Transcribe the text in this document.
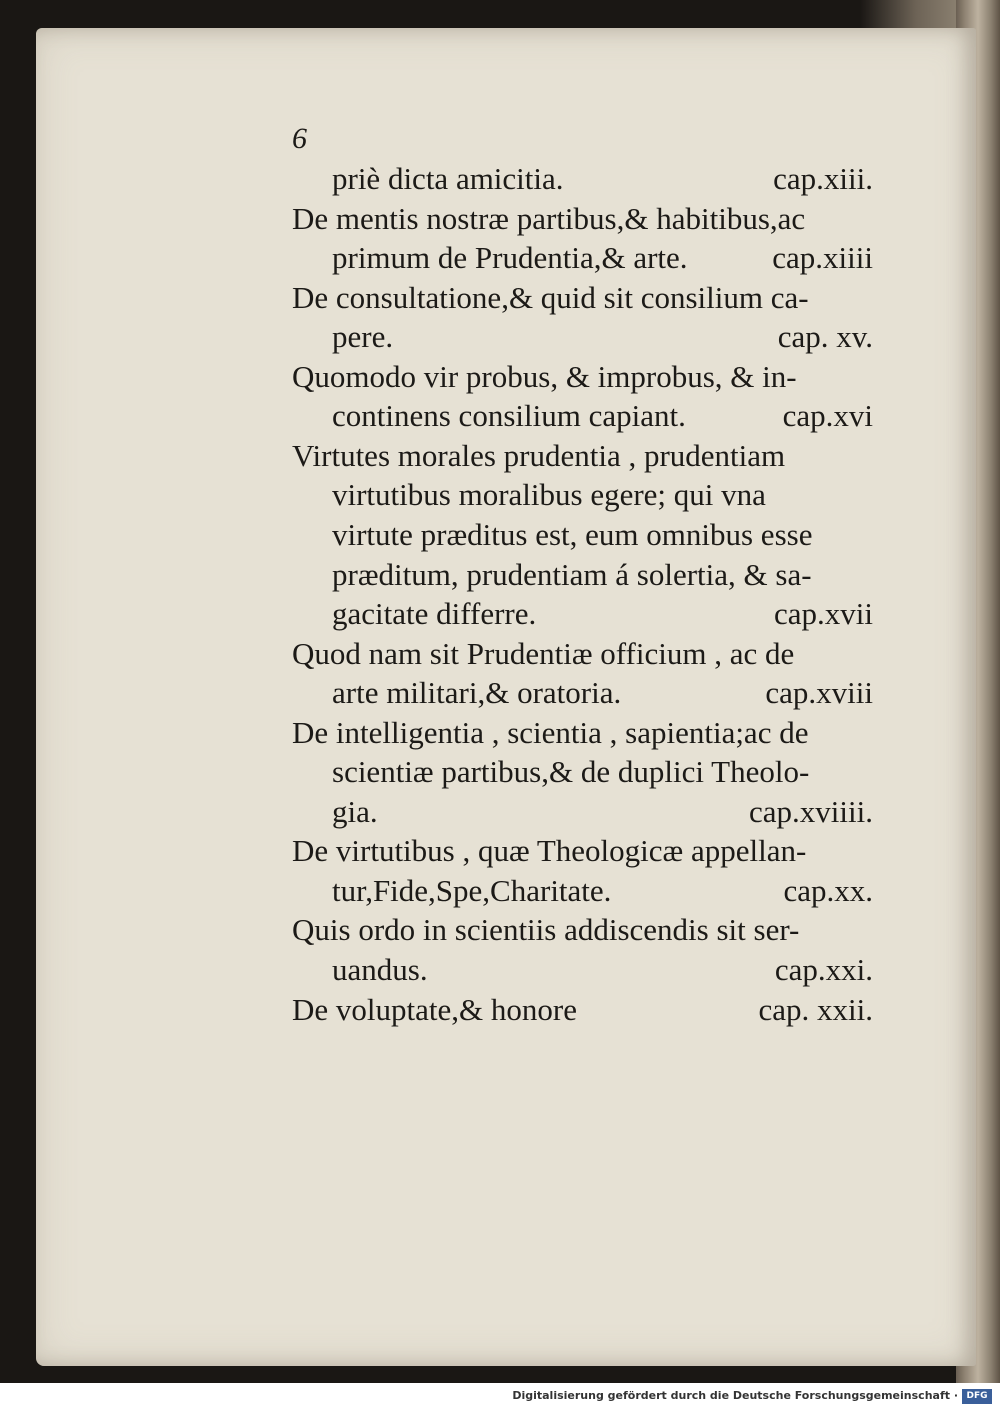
6
priè dicta amicitia.	cap.xiii.
De mentis nostræ partibus,& habitibus,ac
primum de Prudentia,& arte.	cap.xiiii
De consultatione,& quid sit consilium ca-
pere.	cap. xv.
Quomodo vir probus, & improbus, & in-
continens consilium capiant.	cap.xvi
Virtutes morales prudentia , prudentiam
virtutibus moralibus egere; qui vna
virtute præditus est, eum omnibus esse
præditum, prudentiam á solertia, & sa-
gacitate differre.	cap.xvii
Quod nam sit Prudentiæ officium , ac de
arte militari,& oratoria.	cap.xviii
De intelligentia , scientia , sapientia;ac de
scientiæ partibus,& de duplici Theolo-
gia.	cap.xviiii.
De virtutibus , quæ Theologicæ appellan-
tur,Fide,Spe,Charitate.	cap.xx.
Quis ordo in scientiis addiscendis sit ser-
uandus.	cap.xxi.
De voluptate,& honore	cap. xxii.
Digitalisierung gefördert durch die Deutsche Forschungsgemeinschaft · DFG
